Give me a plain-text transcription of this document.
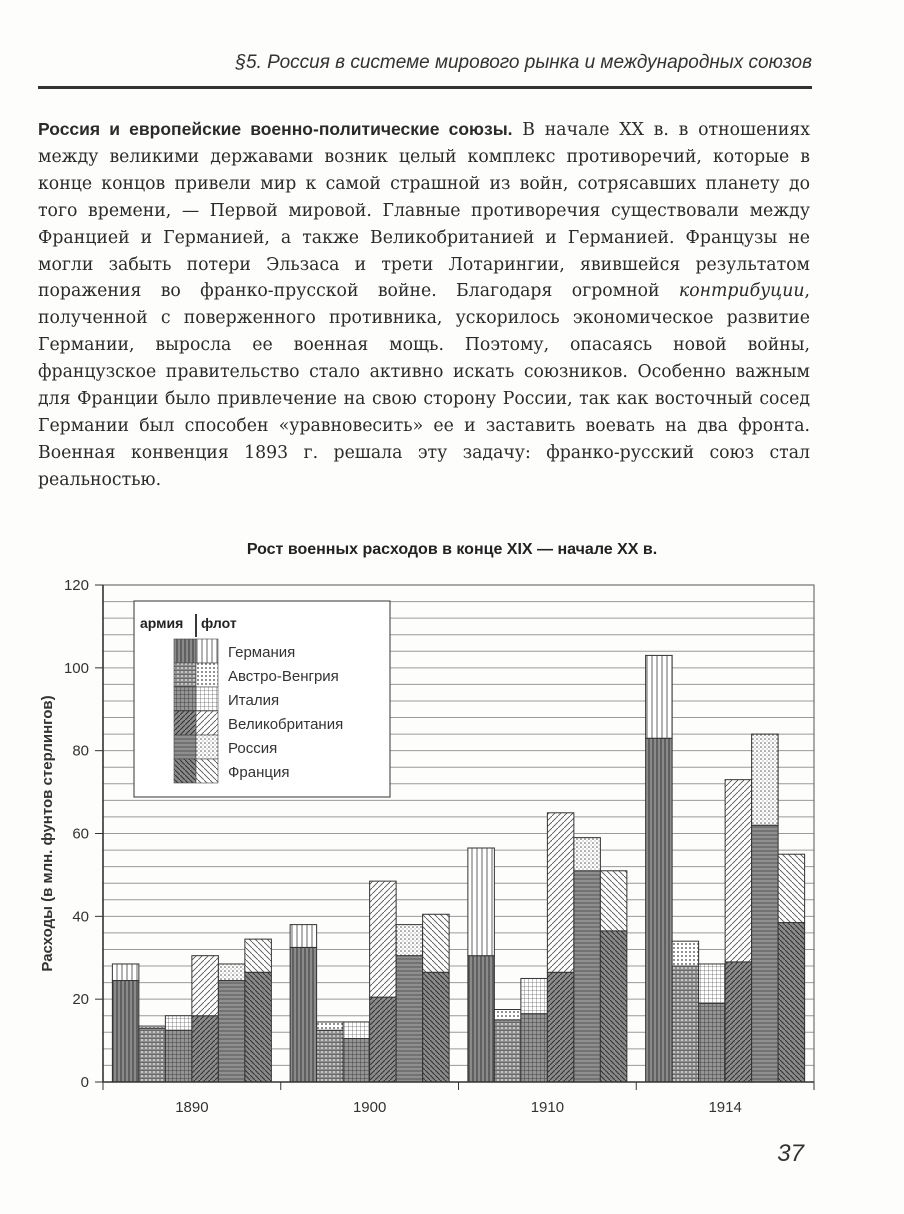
§5. Россия в системе мирового рынка и международных союзов
Россия и европейские военно-политические союзы. В начале XX в. в отношениях между великими державами возник целый комплекс противоречий, которые в конце концов привели мир к самой страшной из войн, сотрясавших планету до того времени, — Первой мировой. Главные противоречия существовали между Францией и Германией, а также Великобританией и Германией. Французы не могли забыть потери Эльзаса и трети Лотарингии, явившейся результатом поражения во франко-прусской войне. Благодаря огромной контрибуции, полученной с поверженного противника, ускорилось экономическое развитие Германии, выросла ее военная мощь. Поэтому, опасаясь новой войны, французское правительство стало активно искать союзников. Особенно важным для Франции было привлечение на свою сторону России, так как восточный сосед Германии был способен «уравновесить» ее и заставить воевать на два фронта. Военная конвенция 1893 г. решала эту задачу: франко-русский союз стал реальностью.
Рост военных расходов в конце XIX — начале XX в.
0
20
40
60
80
100
120
Расходы (в млн. фунтов стерлингов)
1890	1900	1910	1914
армия флот
Германия
Австро-Венгрия
Италия
Великобритания
Россия
Франция
37
